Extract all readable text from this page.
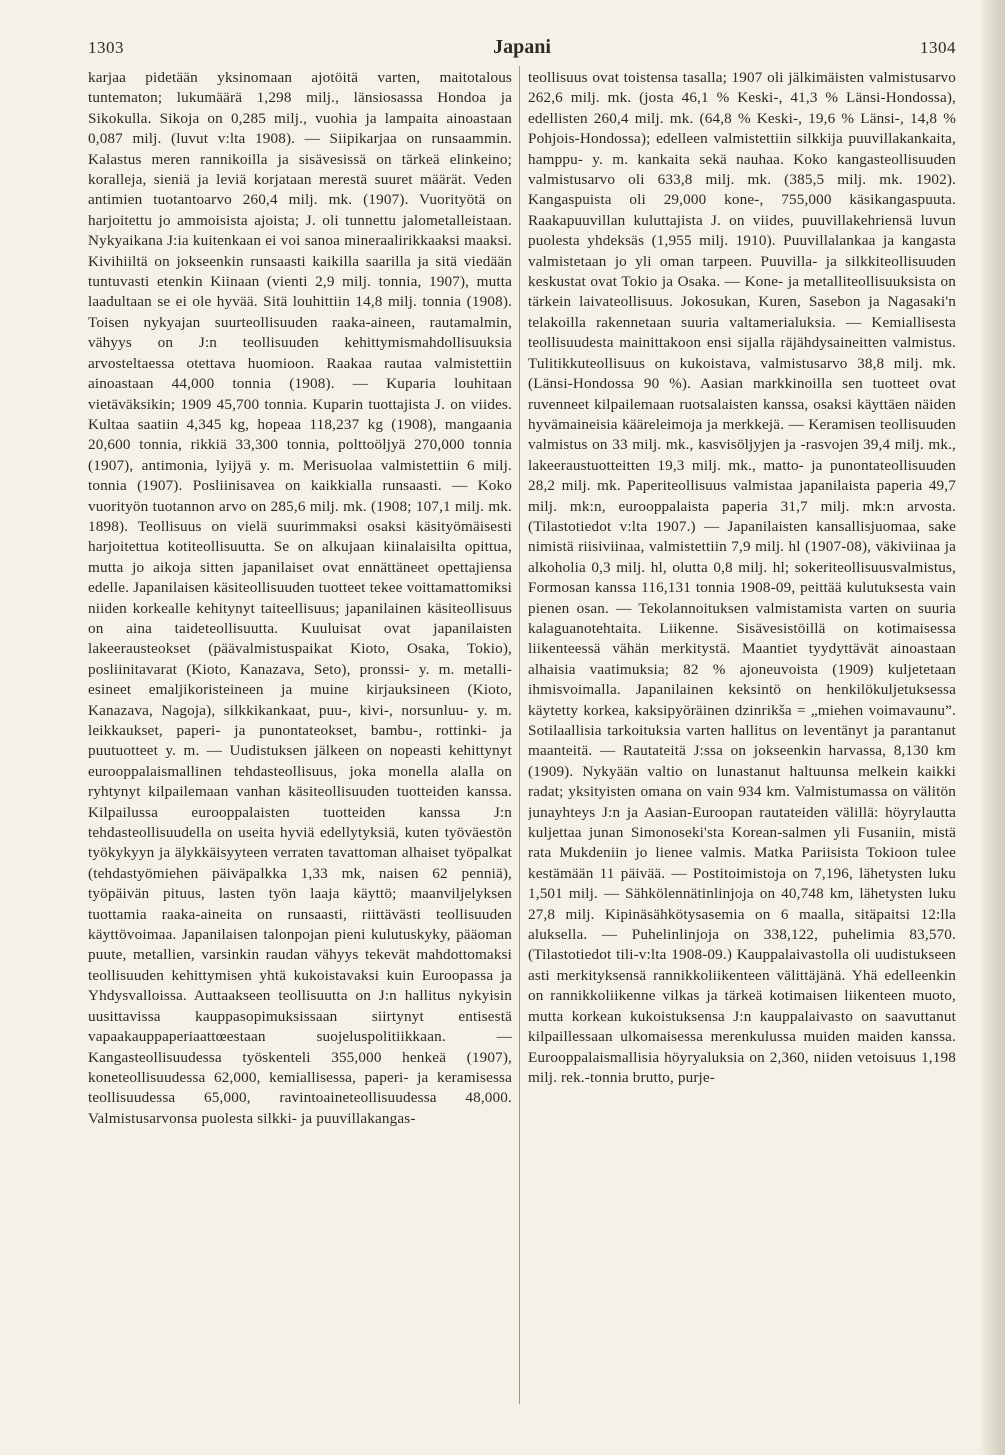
1303	Japani	1304

karjaa pidetään yksinomaan ajotöitä varten, maitotalous tuntematon; lukumäärä 1,298 milj., länsiosassa Hondoa ja Sikokulla. Sikoja on 0,285 milj., vuohia ja lampaita ainoastaan 0,087 milj. (luvut v:lta 1908). — Siipikarjaa on runsaammin. Kalastus meren rannikoilla ja sisävesissä on tärkeä elinkeino; koralleja, sieniä ja leviä korjataan merestä suuret määrät. Veden antimien tuotantoarvo 260,4 milj. mk. (1907). Vuorityötä on harjoitettu jo ammoisista ajoista; J. oli tunnettu jalometalleistaan. Nykyaikana J:ia kuitenkaan ei voi sanoa mineraalirikkaaksi maaksi. Kivihiiltä on jokseenkin runsaasti kaikilla saarilla ja sitä viedään tuntuvasti etenkin Kiinaan (vienti 2,9 milj. tonnia, 1907), mutta laadultaan se ei ole hyvää. Sitä louhittiin 14,8 milj. tonnia (1908). Toisen nykyajan suurteollisuuden raaka-aineen, rautamalmin, vähyys on J:n teollisuuden kehittymismahdollisuuksia arvosteltaessa otettava huomioon. Raakaa rautaa valmistettiin ainoastaan 44,000 tonnia (1908). — Kuparia louhitaan vietäväksikin; 1909 45,700 tonnia. Kuparin tuottajista J. on viides. Kultaa saatiin 4,345 kg, hopeaa 118,237 kg (1908), mangaania 20,600 tonnia, rikkiä 33,300 tonnia, polttoöljyä 270,000 tonnia (1907), antimonia, lyijyä y. m. Merisuolaa valmistettiin 6 milj. tonnia (1907). Posliinisavea on kaikkialla runsaasti. — Koko vuorityön tuotannon arvo on 285,6 milj. mk. (1908; 107,1 milj. mk. 1898). Teollisuus on vielä suurimmaksi osaksi käsityömäisesti harjoitettua kotiteollisuutta. Se on alkujaan kiinalaisilta opittua, mutta jo aikoja sitten japanilaiset ovat ennättäneet opettajiensa edelle. Japanilaisen käsiteollisuuden tuotteet tekee voittamattomiksi niiden korkealle kehitynyt taiteellisuus; japanilainen käsiteollisuus on aina taideteollisuutta. Kuuluisat ovat japanilaisten lakeerausteokset (päävalmistuspaikat Kioto, Osaka, Tokio), posliinitavarat (Kioto, Kanazava, Seto), pronssi- y. m. metalli-esineet emaljikoristeineen ja muine kirjauksineen (Kioto, Kanazava, Nagoja), silkkikankaat, puu-, kivi-, norsunluu- y. m. leikkaukset, paperi- ja punontateokset, bambu-, rottinki- ja puutuotteet y. m. — Uudistuksen jälkeen on nopeasti kehittynyt eurooppalaismallinen tehdasteollisuus, joka monella alalla on ryhtynyt kilpailemaan vanhan käsiteollisuuden tuotteiden kanssa. Kilpailussa eurooppalaisten tuotteiden kanssa J:n tehdasteollisuudella on useita hyviä edellytyksiä, kuten työväestön työkykyyn ja älykkäisyyteen verraten tavattoman alhaiset työpalkat (tehdastyömiehen päiväpalkka 1,33 mk, naisen 62 penniä), työpäivän pituus, lasten työn laaja käyttö; maanviljelyksen tuottamia raaka-aineita on runsaasti, riittävästi teollisuuden käyttövoimaa. Japanilaisen talonpojan pieni kulutuskyky, pääoman puute, metallien, varsinkin raudan vähyys tekevät mahdottomaksi teollisuuden kehittymisen yhtä kukoistavaksi kuin Euroopassa ja Yhdysvalloissa. Auttaakseen teollisuutta on J:n hallitus nykyisin uusittavissa kauppasopimuksissaan siirtynyt entisestä vapaakauppaperiaattœestaan suojeluspolitiikkaan. — Kangasteollisuudessa työskenteli 355,000 henkeä (1907), koneteollisuudessa 62,000, kemiallisessa, paperi- ja keramisessa teollisuudessa 65,000, ravintoaineteollisuudessa 48,000. Valmistusarvonsa puolesta silkki- ja puuvillakangas-

teollisuus ovat toistensa tasalla; 1907 oli jälkimäisten valmistusarvo 262,6 milj. mk. (josta 46,1 % Keski-, 41,3 % Länsi-Hondossa), edellisten 260,4 milj. mk. (64,8 % Keski-, 19,6 % Länsi-, 14,8 % Pohjois-Hondossa); edelleen valmistettiin silkkija puuvillakankaita, hamppu- y. m. kankaita sekä nauhaa. Koko kangasteollisuuden valmistusarvo oli 633,8 milj. mk. (385,5 milj. mk. 1902). Kangaspuista oli 29,000 kone-, 755,000 käsikangaspuuta. Raakapuuvillan kuluttajista J. on viides, puuvillakehriensä luvun puolesta yhdeksäs (1,955 milj. 1910). Puuvillalankaa ja kangasta valmistetaan jo yli oman tarpeen. Puuvilla- ja silkkiteollisuuden keskustat ovat Tokio ja Osaka. — Kone- ja metalliteollisuuksista on tärkein laivateollisuus. Jokosukan, Kuren, Sasebon ja Nagasaki'n telakoilla rakennetaan suuria valtamerialuksia. — Kemiallisesta teollisuudesta mainittakoon ensi sijalla räjähdysaineitten valmistus. Tulitikkuteollisuus on kukoistava, valmistusarvo 38,8 milj. mk. (Länsi-Hondossa 90 %). Aasian markkinoilla sen tuotteet ovat ruvenneet kilpailemaan ruotsalaisten kanssa, osaksi käyttäen näiden hyvämaineisia kääreleimoja ja merkkejä. — Keramisen teollisuuden valmistus on 33 milj. mk., kasvisöljyjen ja -rasvojen 39,4 milj. mk., lakeeraustuotteitten 19,3 milj. mk., matto- ja punontateollisuuden 28,2 milj. mk. Paperiteollisuus valmistaa japanilaista paperia 49,7 milj. mk:n, eurooppalaista paperia 31,7 milj. mk:n arvosta. (Tilastotiedot v:lta 1907.) — Japanilaisten kansallisjuomaa, sake nimistä riisiviinaa, valmistettiin 7,9 milj. hl (1907-08), väkiviinaa ja alkoholia 0,3 milj. hl, olutta 0,8 milj. hl; sokeriteollisuusvalmistus, Formosan kanssa 116,131 tonnia 1908-09, peittää kulutuksesta vain pienen osan. — Tekolannoituksen valmistamista varten on suuria kalaguanotehtaita. Liikenne. Sisävesistöillä on kotimaisessa liikenteessä vähän merkitystä. Maantiet tyydyttävät ainoastaan alhaisia vaatimuksia; 82 % ajoneuvoista (1909) kuljetetaan ihmisvoimalla. Japanilainen keksintö on henkilökuljetuksessa käytetty korkea, kaksipyöräinen dzinrikša = „miehen voimavaunu”. Sotilaallisia tarkoituksia varten hallitus on leventänyt ja parantanut maanteitä. — Rautateitä J:ssa on jokseenkin harvassa, 8,130 km (1909). Nykyään valtio on lunastanut haltuunsa melkein kaikki radat; yksityisten omana on vain 934 km. Valmistumassa on välitön junayhteys J:n ja Aasian-Euroopan rautateiden välillä: höyrylautta kuljettaa junan Simonoseki'sta Korean-salmen yli Fusaniin, mistä rata Mukdeniin jo lienee valmis. Matka Pariisista Tokioon tulee kestämään 11 päivää. — Postitoimistoja on 7,196, lähetysten luku 1,501 milj. — Sähkölennätinlinjoja on 40,748 km, lähetysten luku 27,8 milj. Kipinäsähkötysasemia on 6 maalla, sitäpaitsi 12:lla aluksella. — Puhelinlinjoja on 338,122, puhelimia 83,570. (Tilastotiedot tili-v:lta 1908-09.) Kauppalaivastolla oli uudistukseen asti merkityksensä rannikkoliikenteen välittäjänä. Yhä edelleenkin on rannikkoliikenne vilkas ja tärkeä kotimaisen liikenteen muoto, mutta korkean kukoistuksensa J:n kauppalaivasto on saavuttanut kilpaillessaan ulkomaisessa merenkulussa muiden maiden kanssa. Eurooppalaismallisia höyryaluksia on 2,360, niiden vetoisuus 1,198 milj. rek.-tonnia brutto, purje-
